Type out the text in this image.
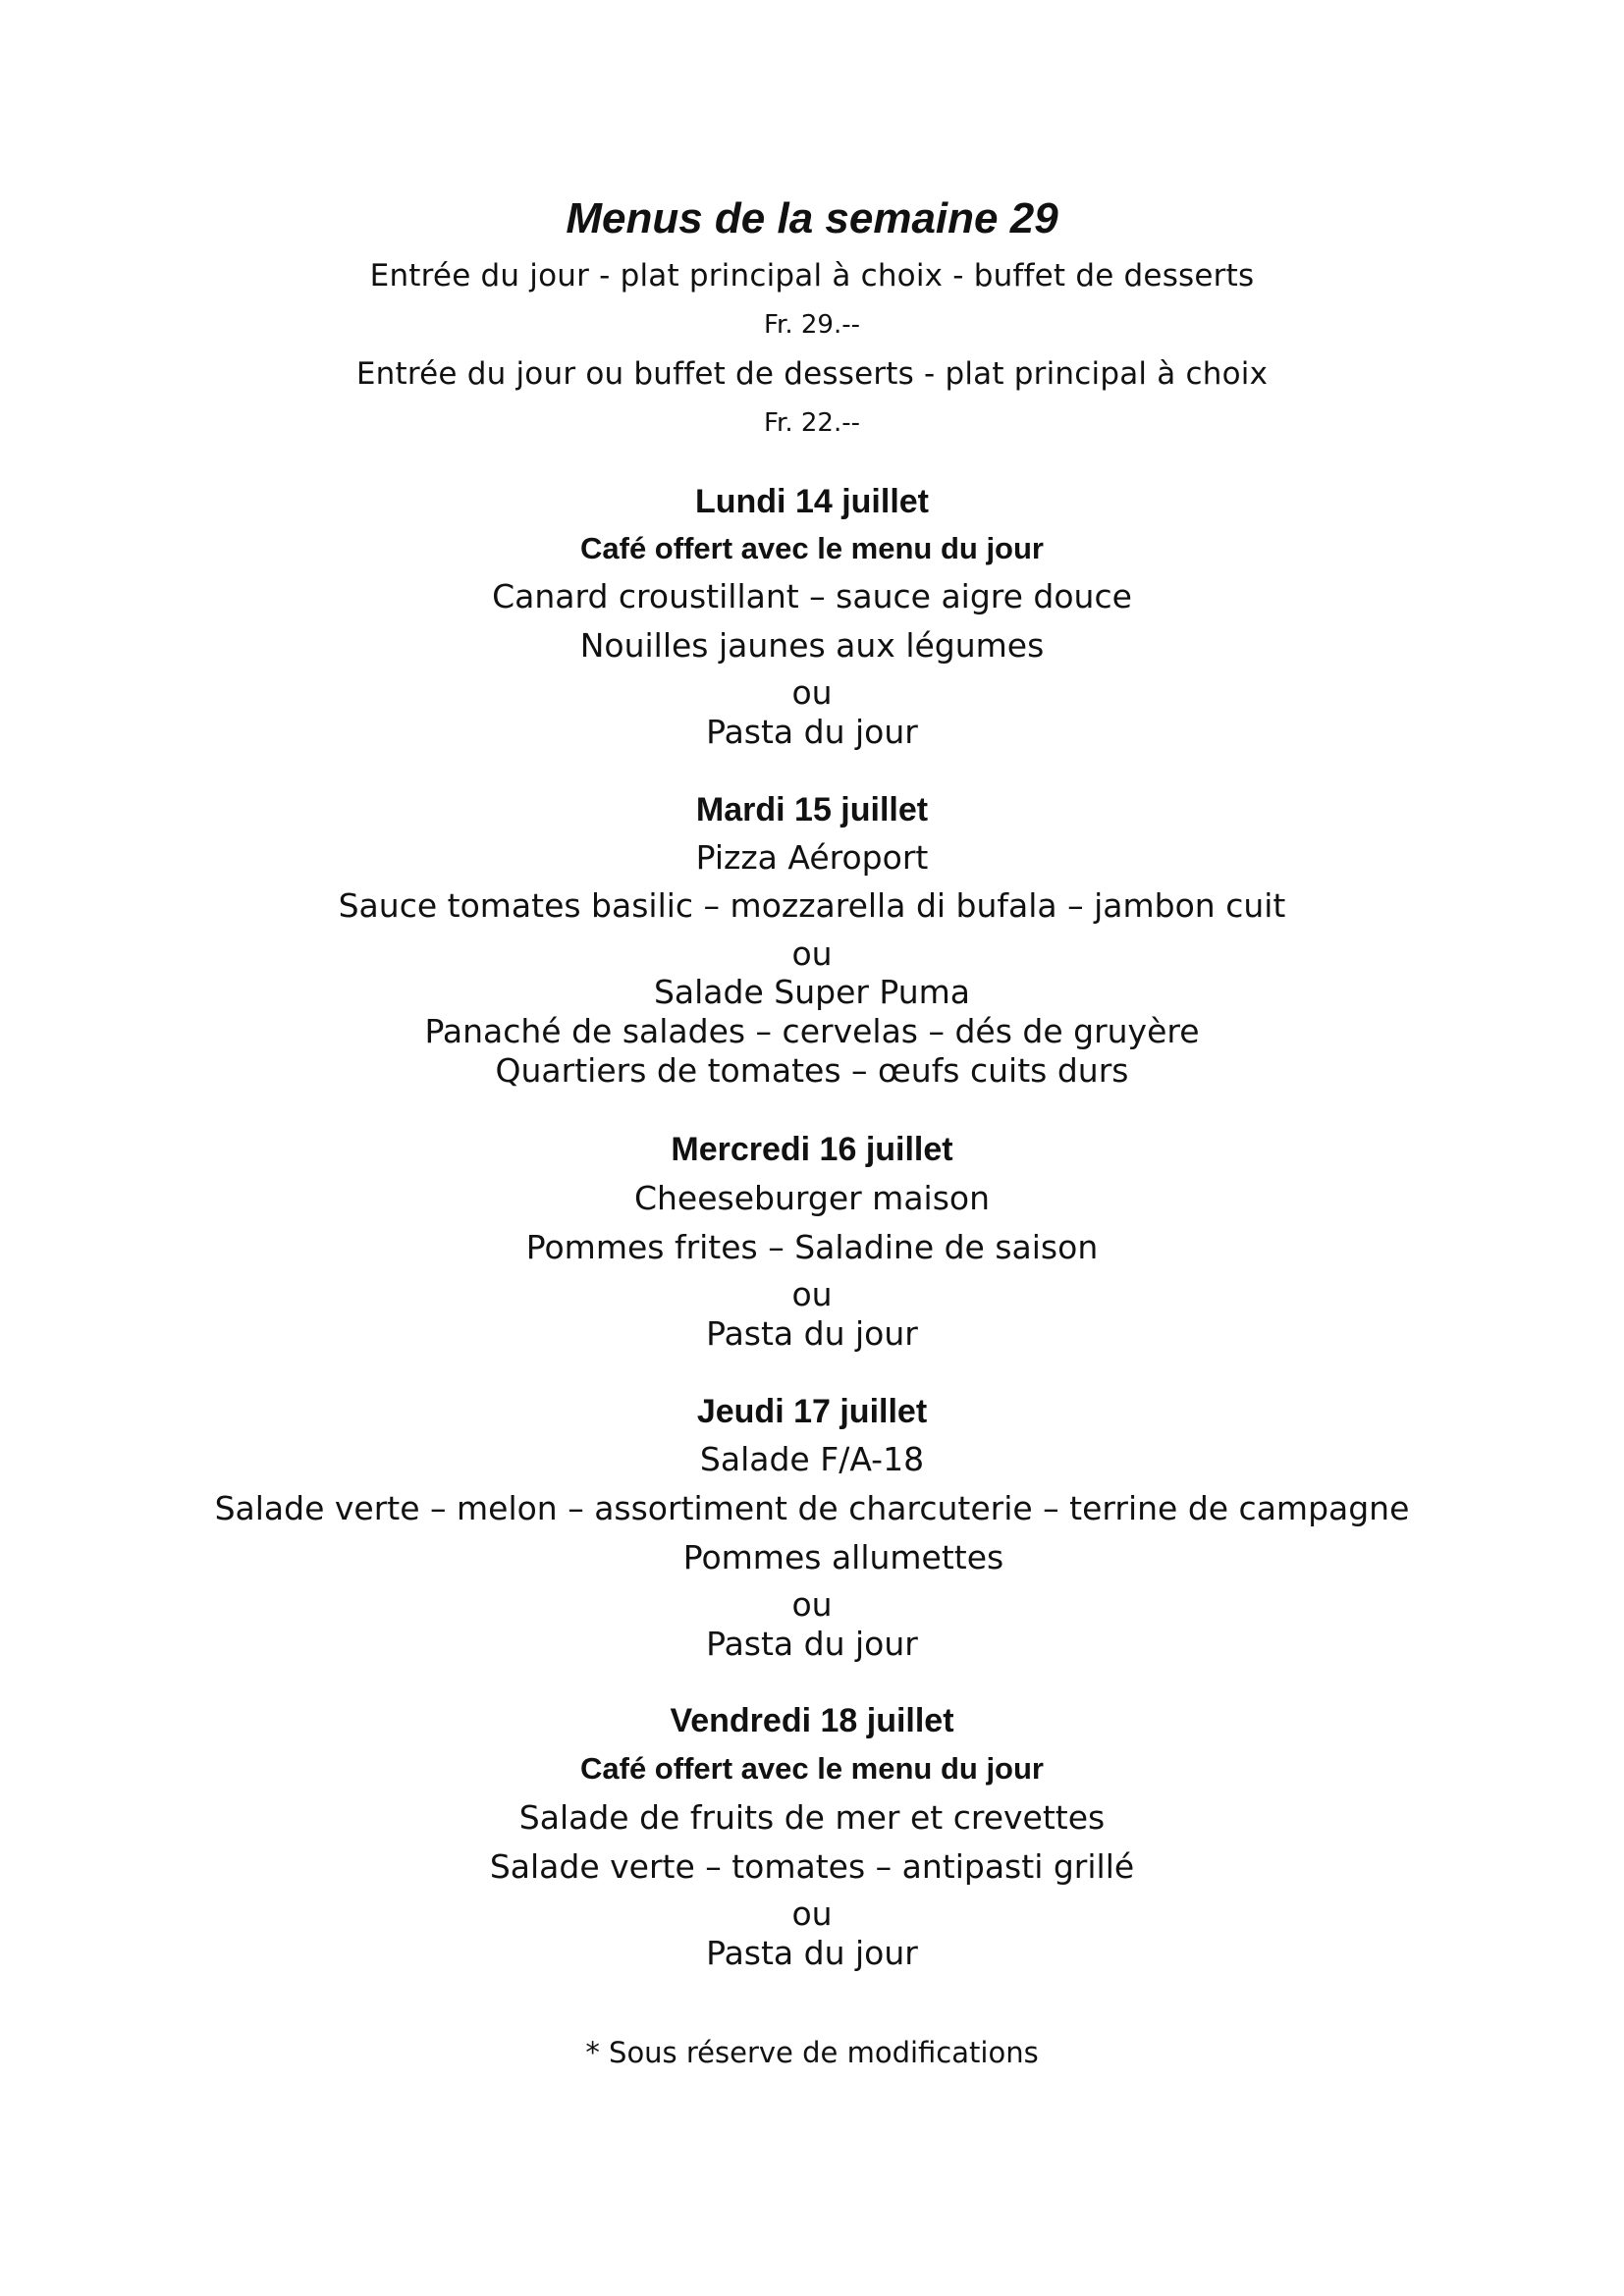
Menus de la semaine 29

Entrée du jour - plat principal à choix - buffet de desserts

Fr. 29.--

Entrée du jour ou buffet de desserts - plat principal à choix

Fr. 22.--

Lundi 14 juillet

Café offert avec le menu du jour

Canard croustillant – sauce aigre douce

Nouilles jaunes aux légumes

ou

Pasta du jour

Mardi 15 juillet

Pizza Aéroport

Sauce tomates basilic – mozzarella di bufala – jambon cuit

ou

Salade Super Puma

Panaché de salades – cervelas – dés de gruyère

Quartiers de tomates – œufs cuits durs

Mercredi 16 juillet

Cheeseburger maison

Pommes frites – Saladine de saison

ou

Pasta du jour

Jeudi 17 juillet

Salade F/A-18

Salade verte – melon – assortiment de charcuterie – terrine de campagne

Pommes allumettes

ou

Pasta du jour

Vendredi 18 juillet

Café offert avec le menu du jour

Salade de fruits de mer et crevettes

Salade verte – tomates – antipasti grillé

ou

Pasta du jour

* Sous réserve de modifications
